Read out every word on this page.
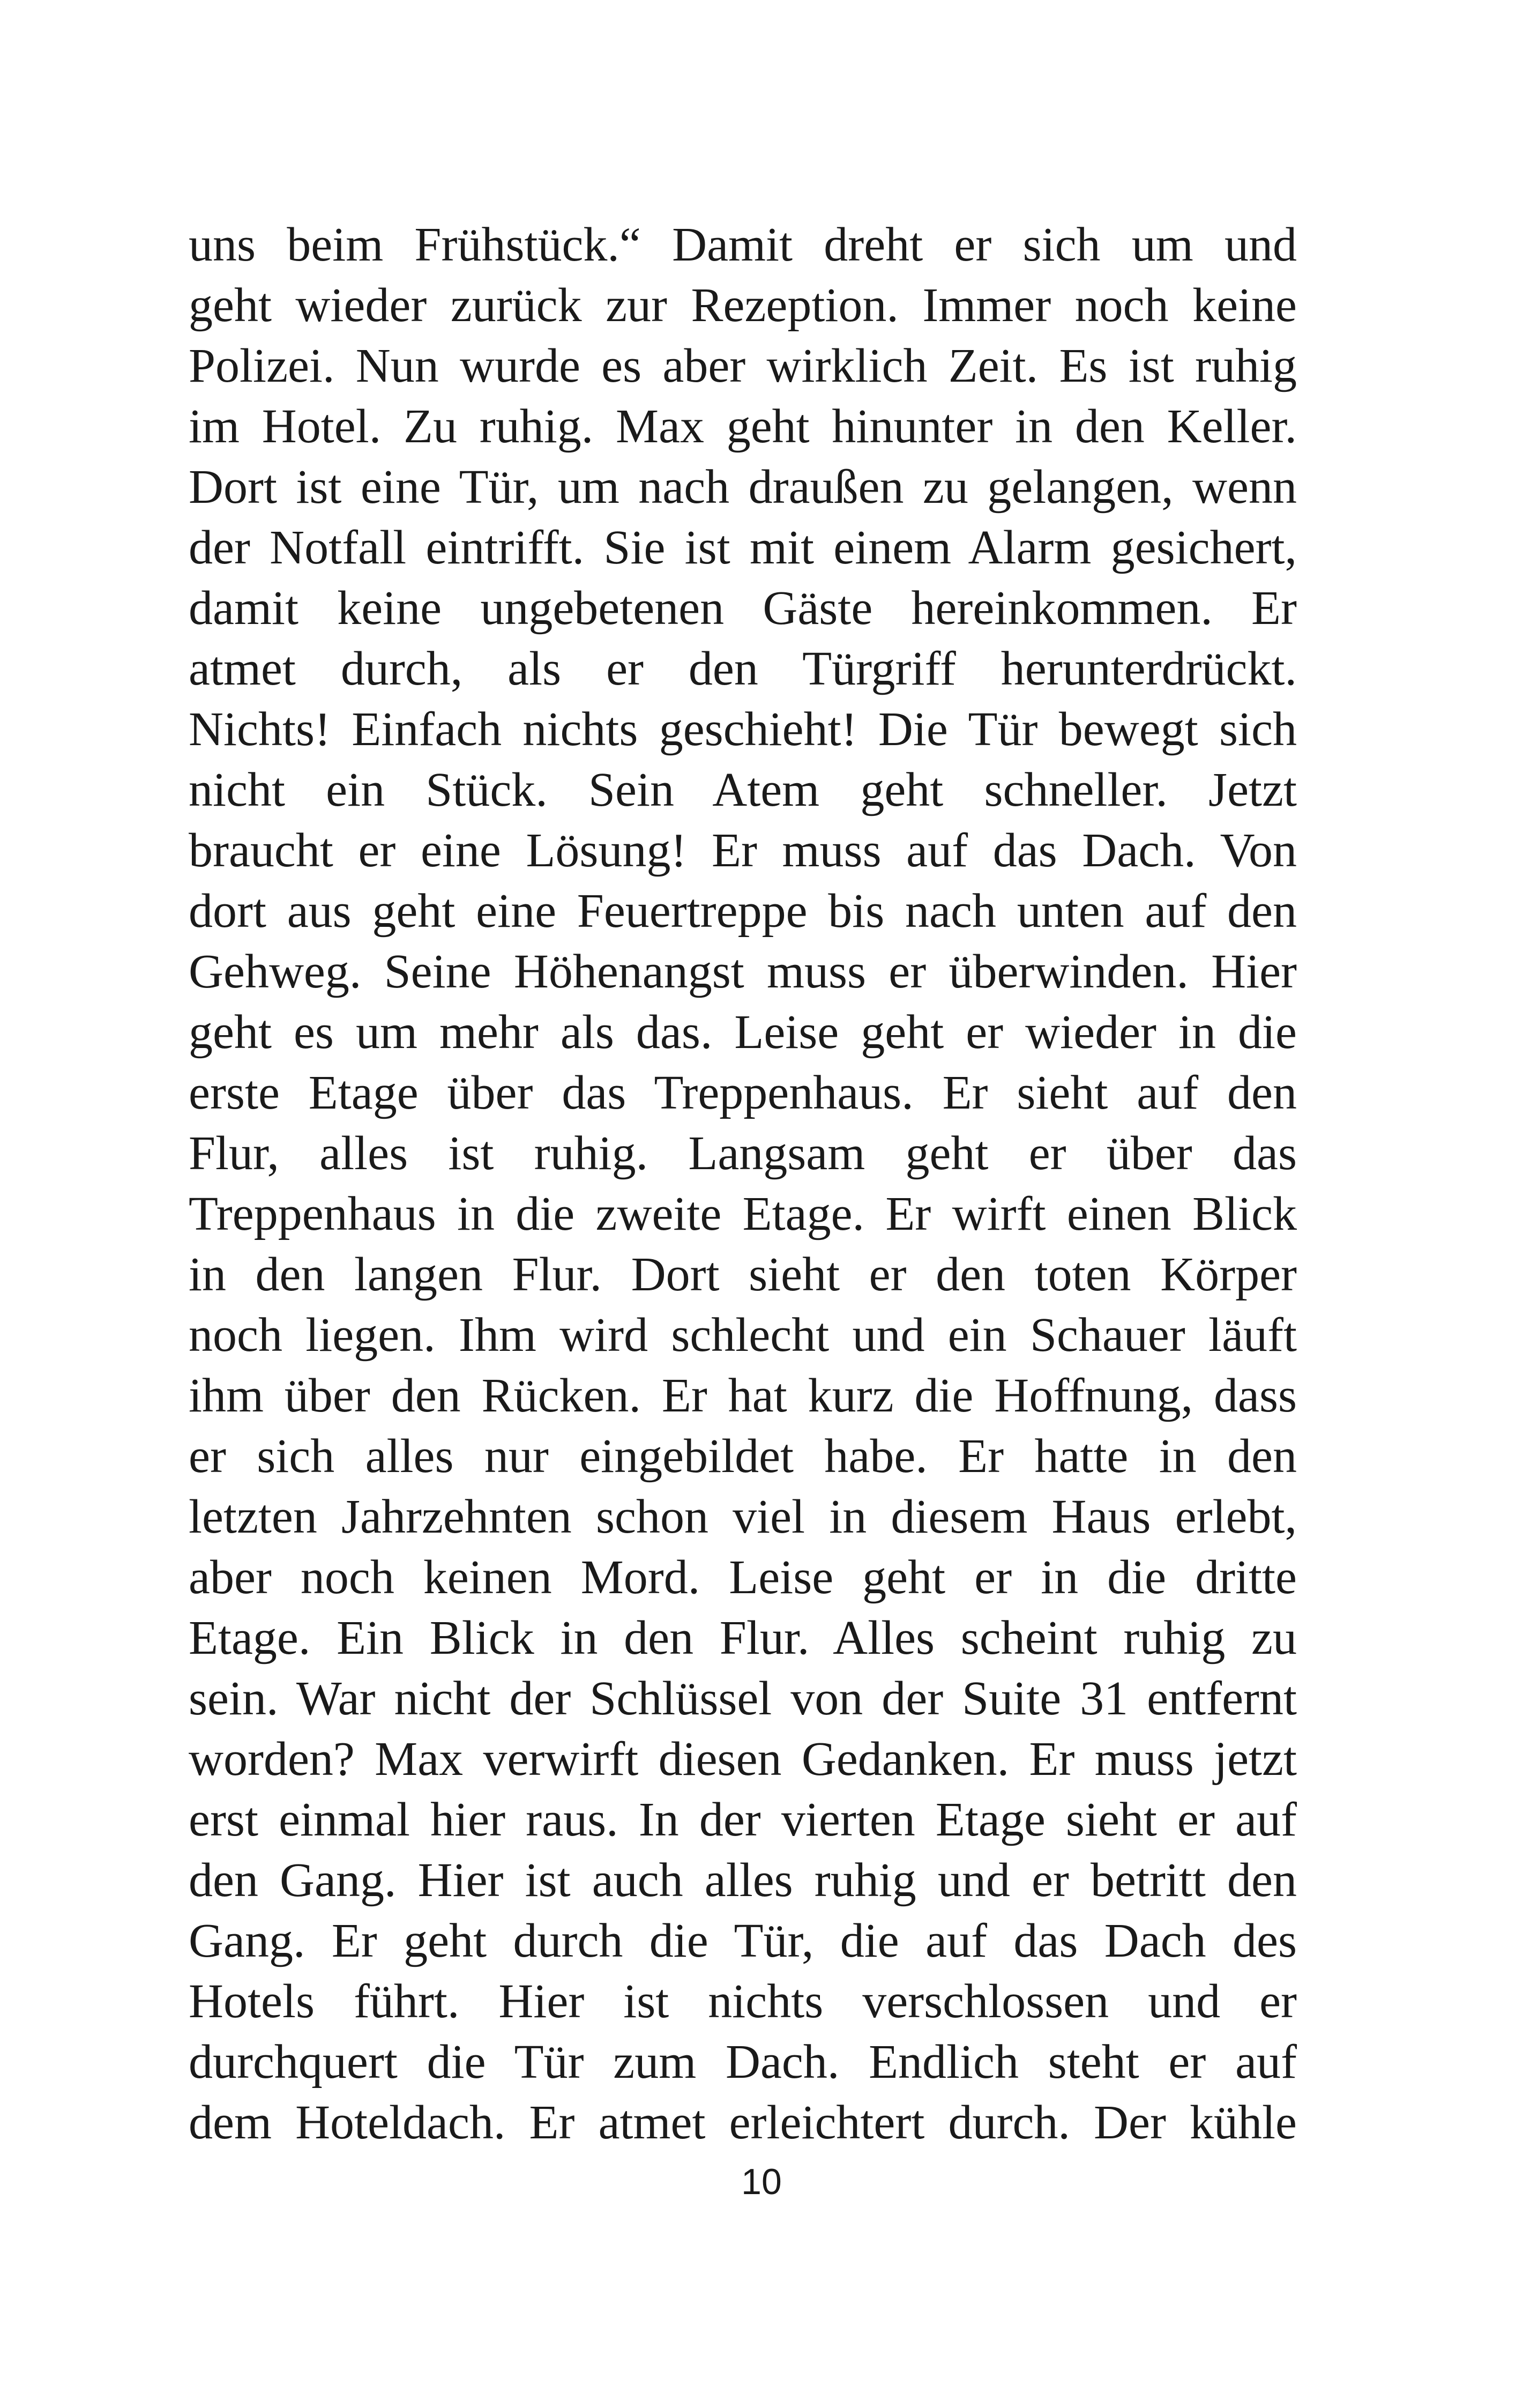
uns beim Frühstück.“ Damit dreht er sich um und
geht wieder zurück zur Rezeption. Immer noch keine
Polizei. Nun wurde es aber wirklich Zeit. Es ist ruhig
im Hotel. Zu ruhig. Max geht hinunter in den Keller.
Dort ist eine Tür, um nach draußen zu gelangen, wenn
der Notfall eintrifft. Sie ist mit einem Alarm gesichert,
damit keine ungebetenen Gäste hereinkommen. Er
atmet durch, als er den Türgriff herunterdrückt.
Nichts! Einfach nichts geschieht! Die Tür bewegt sich
nicht ein Stück. Sein Atem geht schneller. Jetzt
braucht er eine Lösung! Er muss auf das Dach. Von
dort aus geht eine Feuertreppe bis nach unten auf den
Gehweg. Seine Höhenangst muss er überwinden. Hier
geht es um mehr als das. Leise geht er wieder in die
erste Etage über das Treppenhaus. Er sieht auf den
Flur, alles ist ruhig. Langsam geht er über das
Treppenhaus in die zweite Etage. Er wirft einen Blick
in den langen Flur. Dort sieht er den toten Körper
noch liegen. Ihm wird schlecht und ein Schauer läuft
ihm über den Rücken. Er hat kurz die Hoffnung, dass
er sich alles nur eingebildet habe. Er hatte in den
letzten Jahrzehnten schon viel in diesem Haus erlebt,
aber noch keinen Mord. Leise geht er in die dritte
Etage. Ein Blick in den Flur. Alles scheint ruhig zu
sein. War nicht der Schlüssel von der Suite 31 entfernt
worden? Max verwirft diesen Gedanken. Er muss jetzt
erst einmal hier raus. In der vierten Etage sieht er auf
den Gang. Hier ist auch alles ruhig und er betritt den
Gang. Er geht durch die Tür, die auf das Dach des
Hotels führt. Hier ist nichts verschlossen und er
durchquert die Tür zum Dach. Endlich steht er auf
dem Hoteldach. Er atmet erleichtert durch. Der kühle
10
